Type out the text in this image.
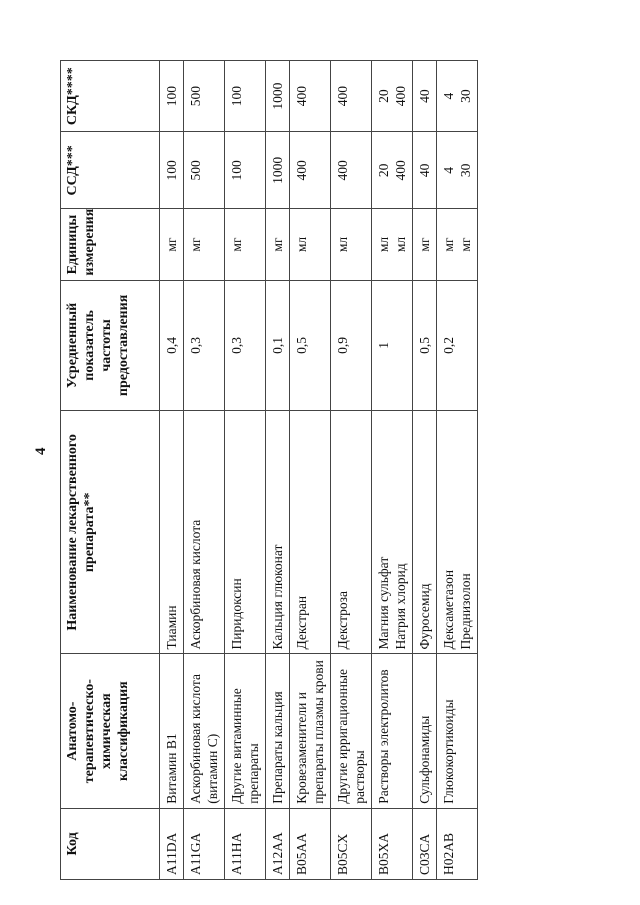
4
Код	Анатомо-терапевтическо-химическая классификация	Наименование лекарственного препарата**	Усредненный показатель частоты предоставления	Единицы измерения	ССД***	СКД****
A11DA	Витамин B1	Тиамин	0,4	мг	100	100

A11GA	Аскорбиновая кислота (витамин С)	Аскорбиновая кислота	0,3	мг	500	500

A11HA	Другие витаминные препараты	Пиридоксин	0,3	мг	100	100

A12AA	Препараты кальция	Кальция глюконат	0,1	мг	1000	1000

B05AA	Кровезаменители и препараты плазмы крови	Декстран	0,5	мл	400	400

B05CX	Другие ирригационные растворы	Декстроза	0,9	мл	400	400

B05XA	Растворы электролитов	Магния сульфат Натрия хлорид	1	мл мл	20 400	20 400

C03CA	Сульфонамиды	Фуросемид	0,5	мг	40	40

H02AB	Глюкокортикоиды	Дексаметазон Преднизолон	0,2	мг мг	4 30	4 30
